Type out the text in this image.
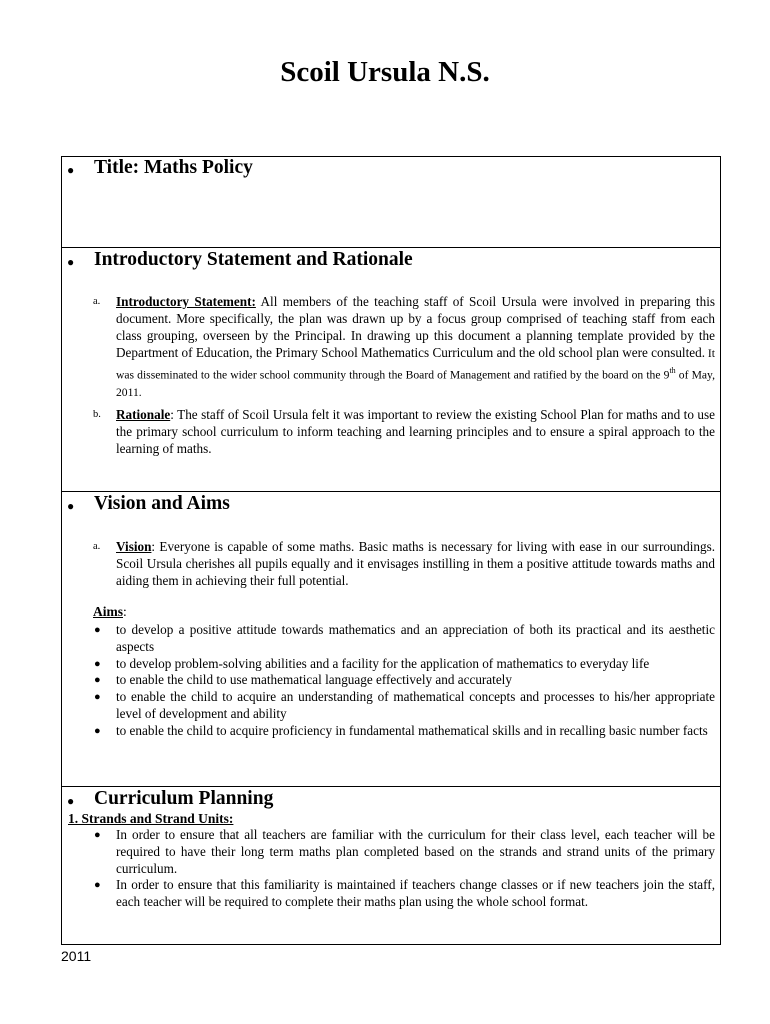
Scoil Ursula N.S.
● Title: Maths Policy
● Introductory Statement and Rationale
a. Introductory Statement: All members of the teaching staff of Scoil Ursula were involved in preparing this document. More specifically, the plan was drawn up by a focus group comprised of teaching staff from each class grouping, overseen by the Principal. In drawing up this document a planning template provided by the Department of Education, the Primary School Mathematics Curriculum and the old school plan were consulted. It was disseminated to the wider school community through the Board of Management and ratified by the board on the 9th of May, 2011.
b. Rationale: The staff of Scoil Ursula felt it was important to review the existing School Plan for maths and to use the primary school curriculum to inform teaching and learning principles and to ensure a spiral approach to the learning of maths.
● Vision and Aims
a. Vision: Everyone is capable of some maths. Basic maths is necessary for living with ease in our surroundings. Scoil Ursula cherishes all pupils equally and it envisages instilling in them a positive attitude towards maths and aiding them in achieving their full potential.
Aims:
● to develop a positive attitude towards mathematics and an appreciation of both its practical and its aesthetic aspects
● to develop problem-solving abilities and a facility for the application of mathematics to everyday life
● to enable the child to use mathematical language effectively and accurately
● to enable the child to acquire an understanding of mathematical concepts and processes to his/her appropriate level of development and ability
● to enable the child to acquire proficiency in fundamental mathematical skills and in recalling basic number facts
● Curriculum Planning
1. Strands and Strand Units:
● In order to ensure that all teachers are familiar with the curriculum for their class level, each teacher will be required to have their long term maths plan completed based on the strands and strand units of the primary curriculum.
● In order to ensure that this familiarity is maintained if teachers change classes or if new teachers join the staff, each teacher will be required to complete their maths plan using the whole school format.
2011
